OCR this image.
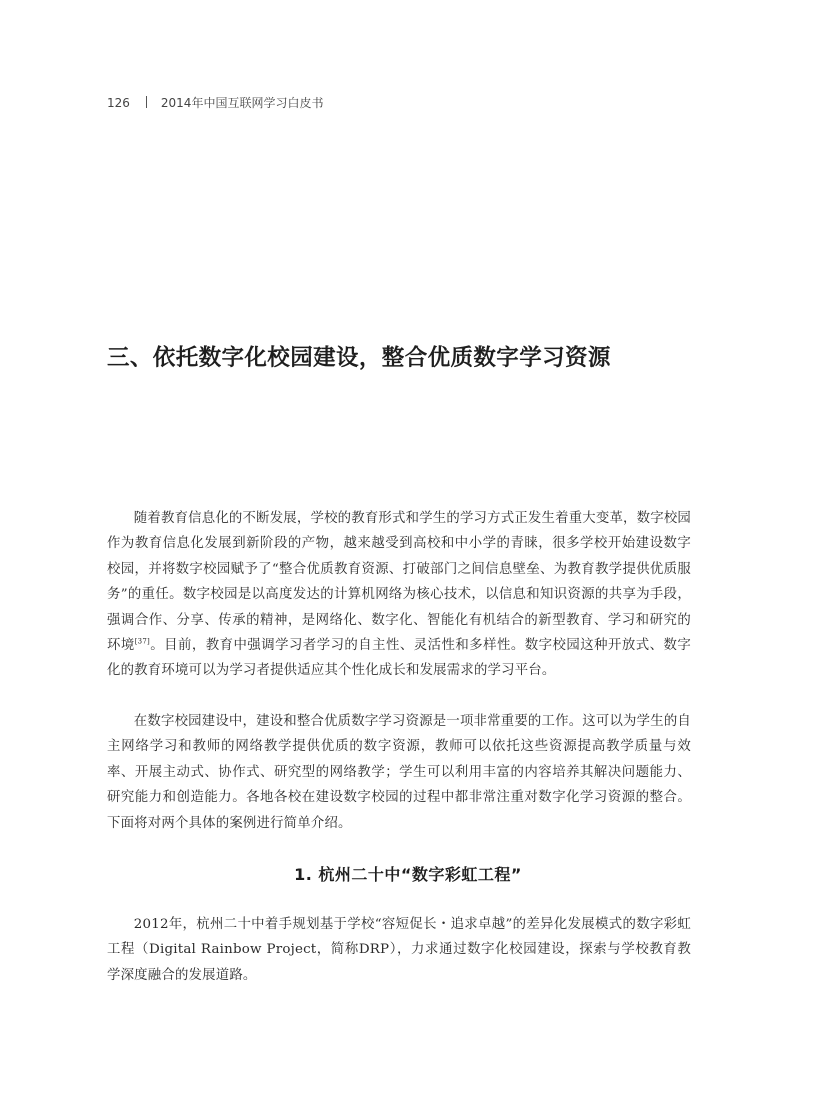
126	2014年中国互联网学习白皮书
三、依托数字化校园建设，整合优质数字学习资源

随着教育信息化的不断发展，学校的教育形式和学生的学习方式正发生着重大变革，数字校园作为教育信息化发展到新阶段的产物，越来越受到高校和中小学的青睐，很多学校开始建设数字校园，并将数字校园赋予了“整合优质教育资源、打破部门之间信息壁垒、为教育教学提供优质服务”的重任。数字校园是以高度发达的计算机网络为核心技术，以信息和知识资源的共享为手段，强调合作、分享、传承的精神，是网络化、数字化、智能化有机结合的新型教育、学习和研究的环境[37]。目前，教育中强调学习者学习的自主性、灵活性和多样性。数字校园这种开放式、数字化的教育环境可以为学习者提供适应其个性化成长和发展需求的学习平台。

在数字校园建设中，建设和整合优质数字学习资源是一项非常重要的工作。这可以为学生的自主网络学习和教师的网络教学提供优质的数字资源，教师可以依托这些资源提高教学质量与效率、开展主动式、协作式、研究型的网络教学；学生可以利用丰富的内容培养其解决问题能力、研究能力和创造能力。各地各校在建设数字校园的过程中都非常注重对数字化学习资源的整合。下面将对两个具体的案例进行简单介绍。

1. 杭州二十中“数字彩虹工程”

2012年，杭州二十中着手规划基于学校“容短促长・追求卓越”的差异化发展模式的数字彩虹工程（Digital Rainbow Project，简称DRP），力求通过数字化校园建设，探索与学校教育教学深度融合的发展道路。
